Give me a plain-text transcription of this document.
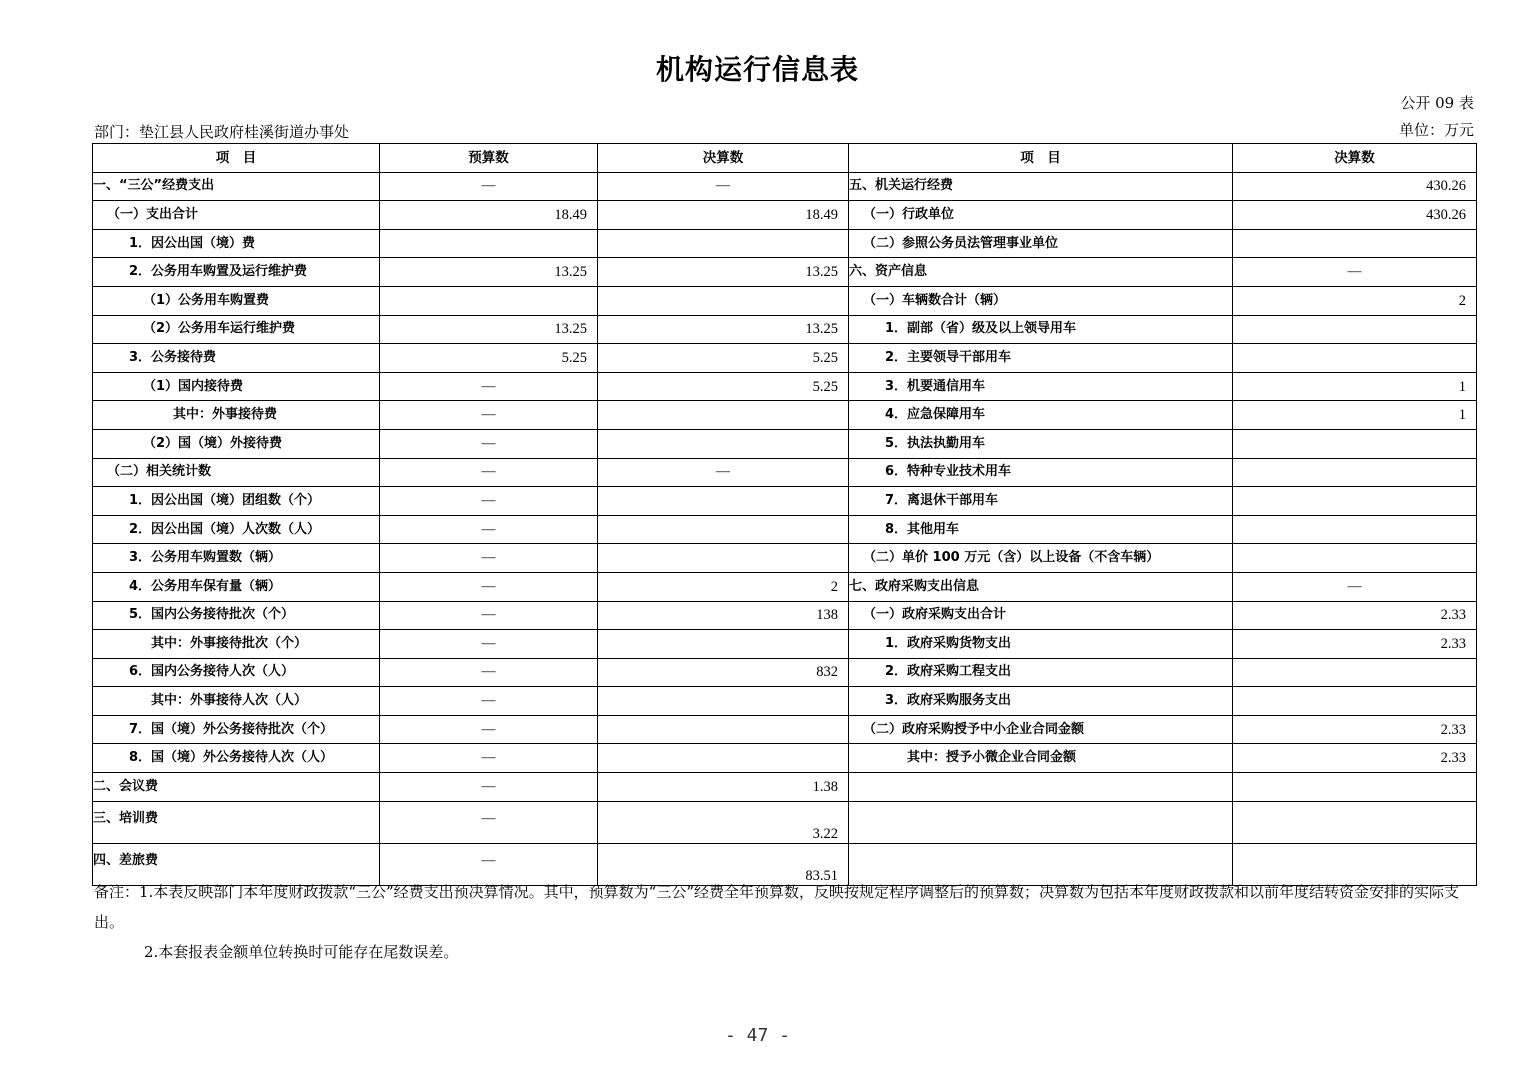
机构运行信息表
公开 09 表
部门：垫江县人民政府桂溪街道办事处	单位：万元
项　目	预算数	决算数	项　目	决算数
一、“三公”经费支出	—	—	五、机关运行经费	430.26
（一）支出合计	18.49	18.49	（一）行政单位	430.26
1．因公出国（境）费			（二）参照公务员法管理事业单位	
2．公务用车购置及运行维护费	13.25	13.25	六、资产信息	—
（1）公务用车购置费			（一）车辆数合计（辆）	2
（2）公务用车运行维护费	13.25	13.25	1．副部（省）级及以上领导用车	
3．公务接待费	5.25	5.25	2．主要领导干部用车	
（1）国内接待费	—	5.25	3．机要通信用车	1
其中：外事接待费	—		4．应急保障用车	1
（2）国（境）外接待费	—		5．执法执勤用车	
（二）相关统计数	—	—	6．特种专业技术用车	
1．因公出国（境）团组数（个）	—		7．离退休干部用车	
2．因公出国（境）人次数（人）	—		8．其他用车	
3．公务用车购置数（辆）	—		（二）单价 100 万元（含）以上设备（不含车辆）	
4．公务用车保有量（辆）	—	2	七、政府采购支出信息	—
5．国内公务接待批次（个）	—	138	（一）政府采购支出合计	2.33
其中：外事接待批次（个）	—		1．政府采购货物支出	2.33
6．国内公务接待人次（人）	—	832	2．政府采购工程支出	
其中：外事接待人次（人）	—		3．政府采购服务支出	
7．国（境）外公务接待批次（个）	—		（二）政府采购授予中小企业合同金额	2.33
8．国（境）外公务接待人次（人）	—		其中：授予小微企业合同金额	2.33
二、会议费	—	1.38		
三、培训费	—	3.22		
四、差旅费	—	83.51		
备注：1.本表反映部门本年度财政拨款“三公”经费支出预决算情况。其中，预算数为“三公”经费全年预算数，反映按规定程序调整后的预算数；决算数为包括本年度财政拨款和以前年度结转资金安排的实际支出。
2.本套报表金额单位转换时可能存在尾数误差。
- 47 -
